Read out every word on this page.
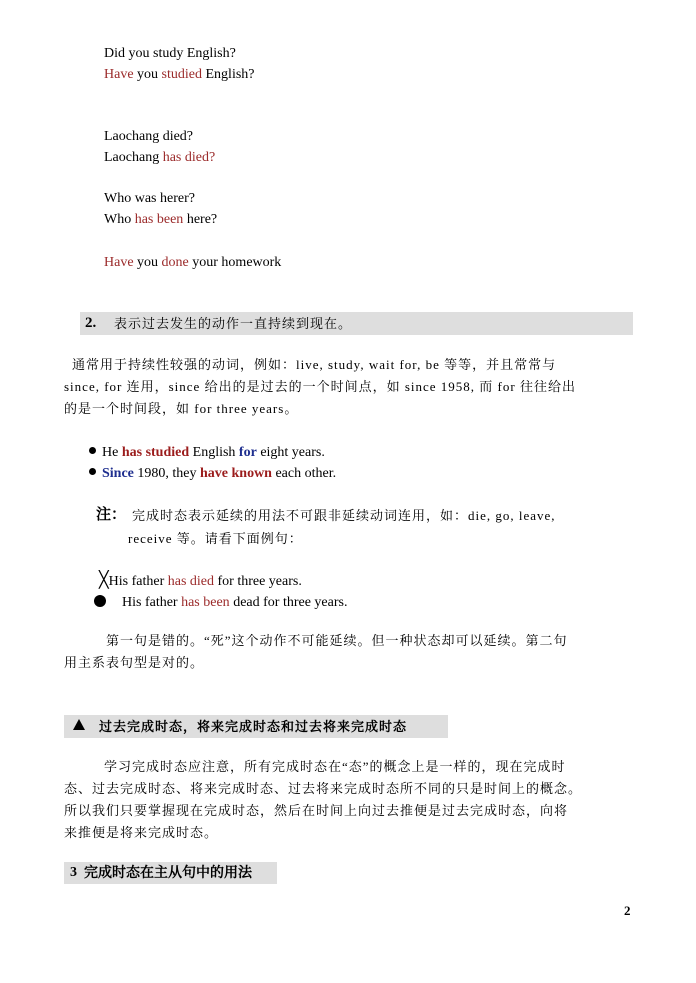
Did you study English?
Have you studied English?
Laochang died?
Laochang has died?
Who was herer?
Who has been here?
Have you done your homework
2. 表示过去发生的动作一直持续到现在。
通常用于持续性较强的动词，例如：live, study, wait for, be 等等，并且常常与
since, for 连用，since 给出的是过去的一个时间点，如 since 1958, 而 for 往往给出
的是一个时间段，如 for three years。
He has studied English for eight years.
Since 1980, they have known each other.
注： 完成时态表示延续的用法不可跟非延续动词连用，如：die, go, leave,
receive 等。请看下面例句：
╳His father has died for three years.
His father has been dead for three years.
第一句是错的。“死”这个动作不可能延续。但一种状态却可以延续。第二句
用主系表句型是对的。
过去完成时态，将来完成时态和过去将来完成时态
学习完成时态应注意，所有完成时态在“态”的概念上是一样的，现在完成时
态、过去完成时态、将来完成时态、过去将来完成时态所不同的只是时间上的概念。
所以我们只要掌握现在完成时态，然后在时间上向过去推便是过去完成时态，向将
来推便是将来完成时态。
3 完成时态在主从句中的用法
2
